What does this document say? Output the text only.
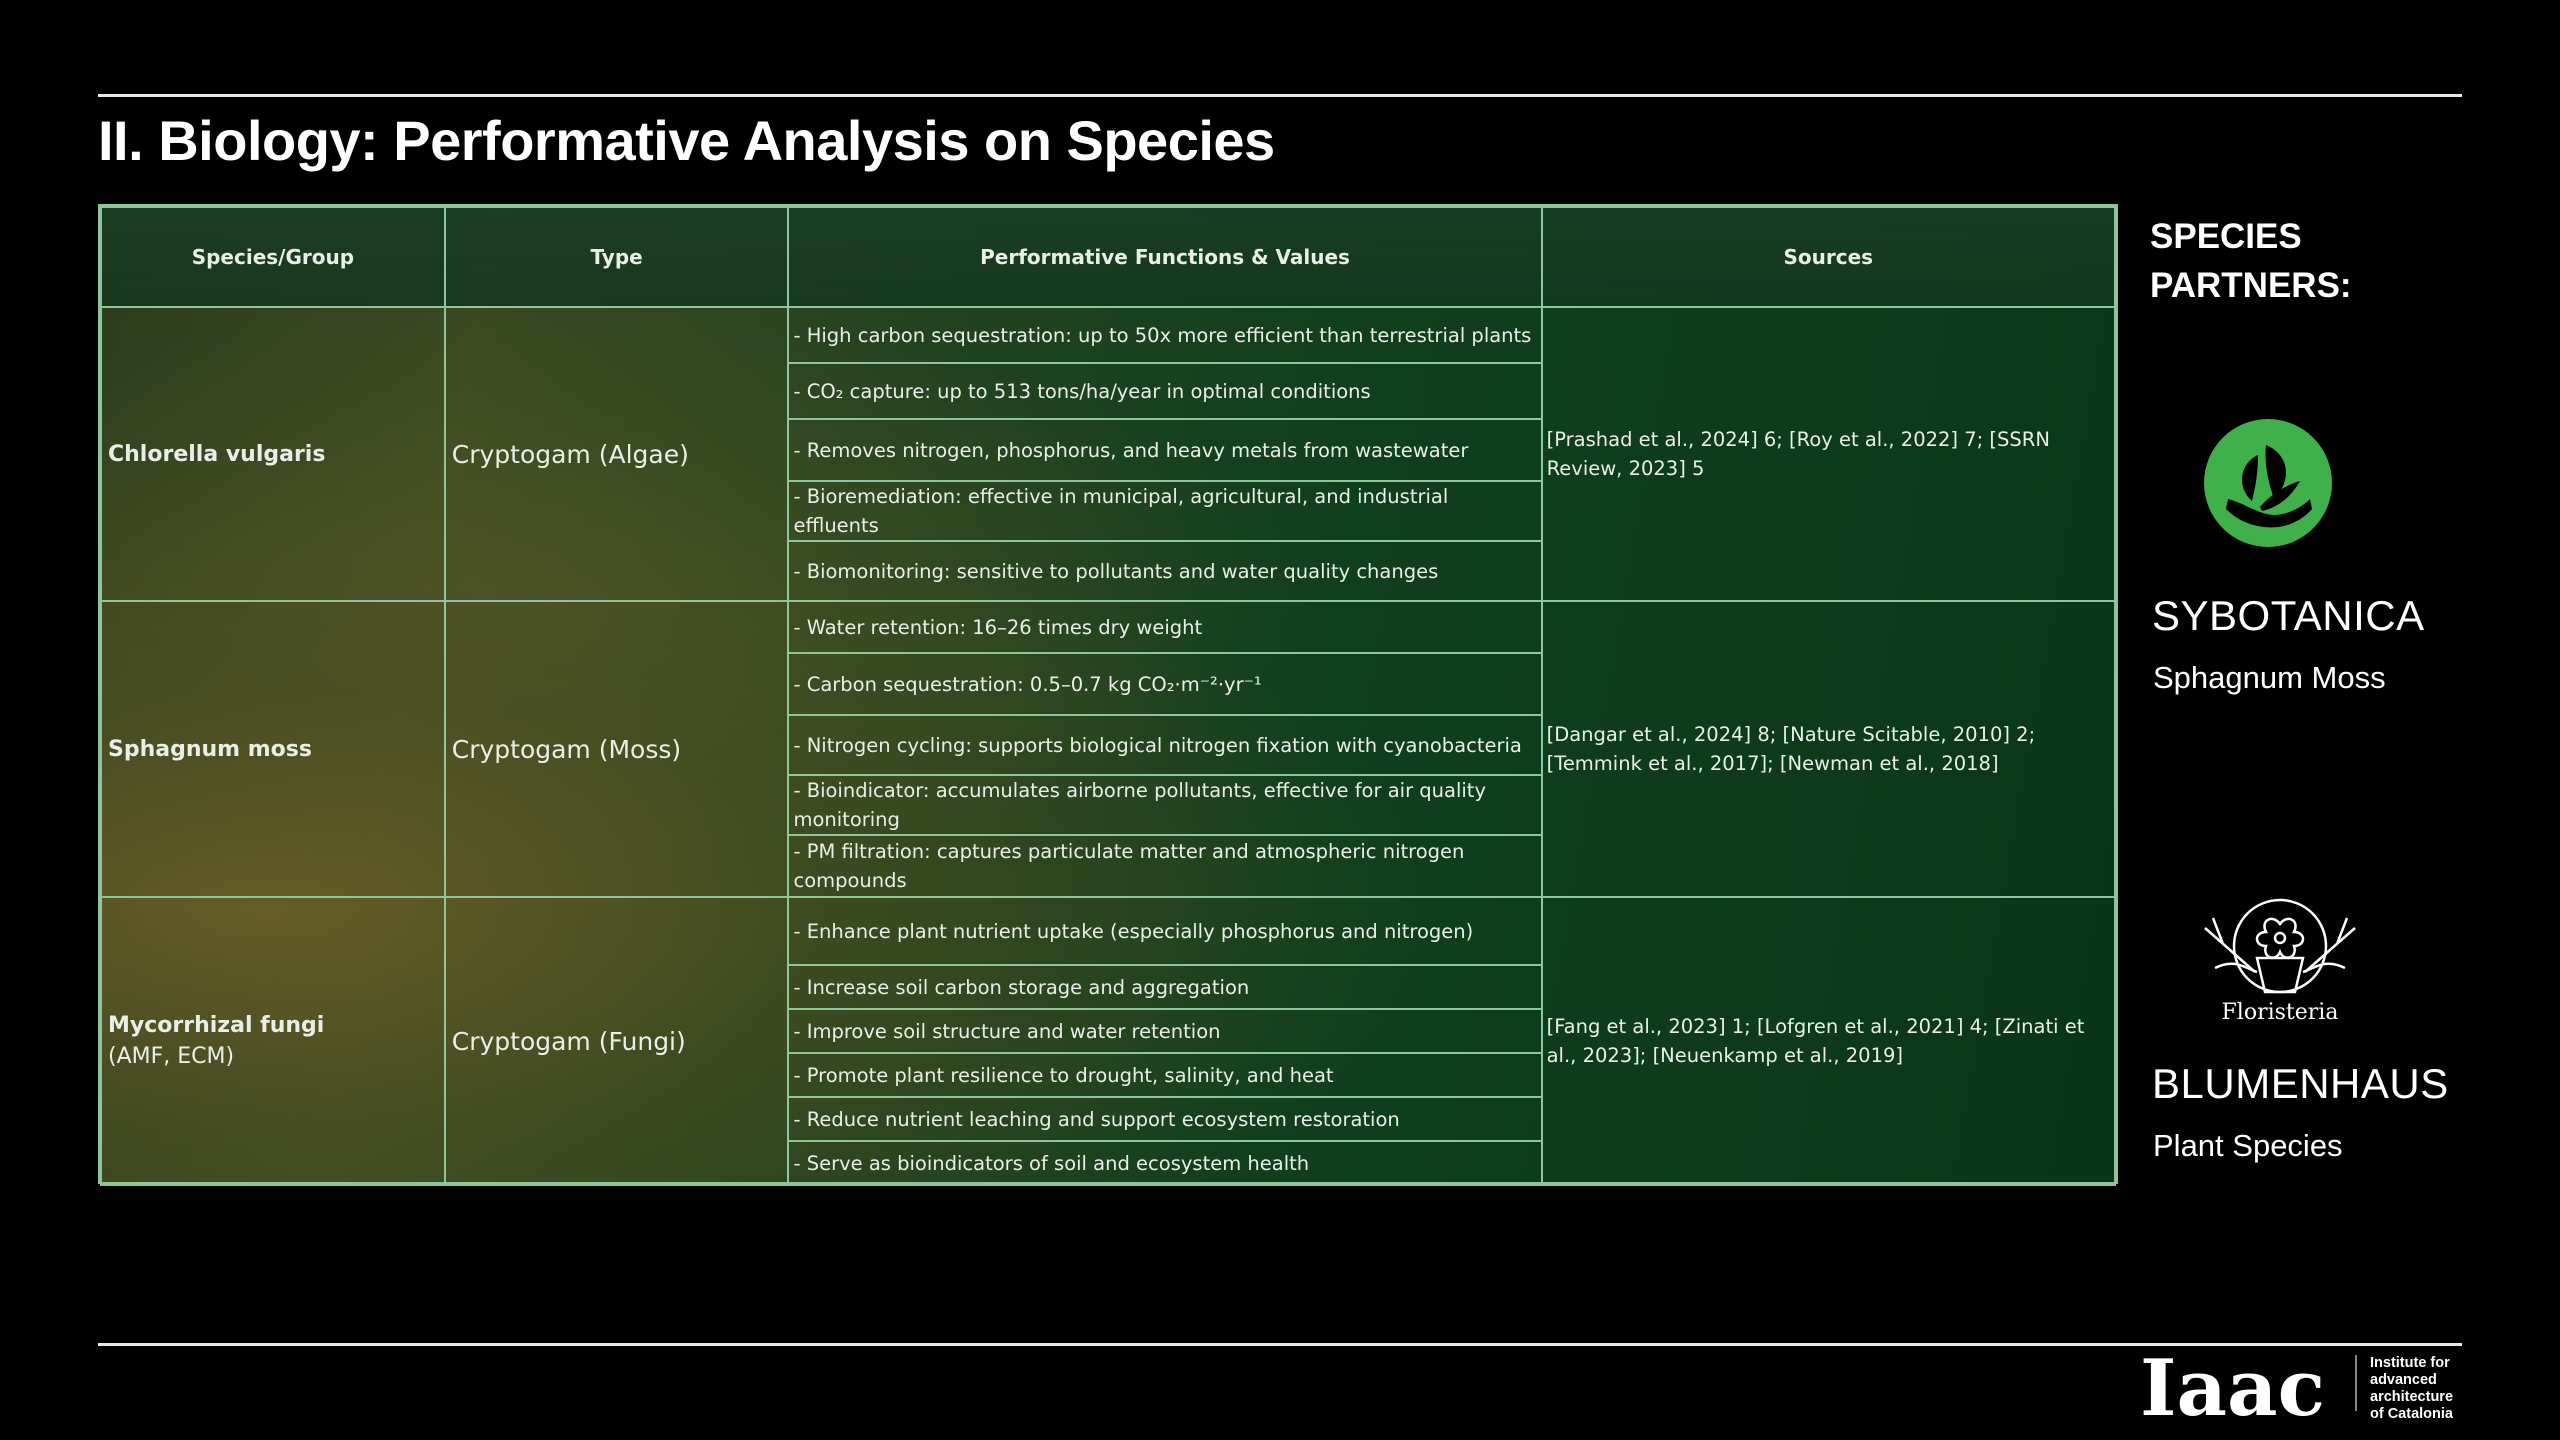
II. Biology: Performative Analysis on Species
Species/Group	Type	Performative Functions & Values	Sources

Chlorella vulgaris	Cryptogam (Algae)	- High carbon sequestration: up to 50x more efficient than terrestrial plants	[Prashad et al., 2024] 6; [Roy et al., 2022] 7; [SSRN Review, 2023] 5
		- CO₂ capture: up to 513 tons/ha/year in optimal conditions	
		- Removes nitrogen, phosphorus, and heavy metals from wastewater	
		- Bioremediation: effective in municipal, agricultural, and industrial effluents	
		- Biomonitoring: sensitive to pollutants and water quality changes	

Sphagnum moss	Cryptogam (Moss)	- Water retention: 16–26 times dry weight	[Dangar et al., 2024] 8; [Nature Scitable, 2010] 2; [Temmink et al., 2017]; [Newman et al., 2018]
		- Carbon sequestration: 0.5–0.7 kg CO₂·m⁻²·yr⁻¹	
		- Nitrogen cycling: supports biological nitrogen fixation with cyanobacteria	
		- Bioindicator: accumulates airborne pollutants, effective for air quality monitoring	
		- PM filtration: captures particulate matter and atmospheric nitrogen compounds	

Mycorrhizal fungi
(AMF, ECM)	Cryptogam (Fungi)	- Enhance plant nutrient uptake (especially phosphorus and nitrogen)	[Fang et al., 2023] 1; [Lofgren et al., 2021] 4; [Zinati et al., 2023]; [Neuenkamp et al., 2019]
		- Increase soil carbon storage and aggregation	
		- Improve soil structure and water retention	
		- Promote plant resilience to drought, salinity, and heat	
		- Reduce nutrient leaching and support ecosystem restoration	
		- Serve as bioindicators of soil and ecosystem health	
SPECIES PARTNERS:
SYBOTANICA
Sphagnum Moss
Floristeria
BLUMENHAUS
Plant Species
Iaac	Institute for advanced architecture of Catalonia
